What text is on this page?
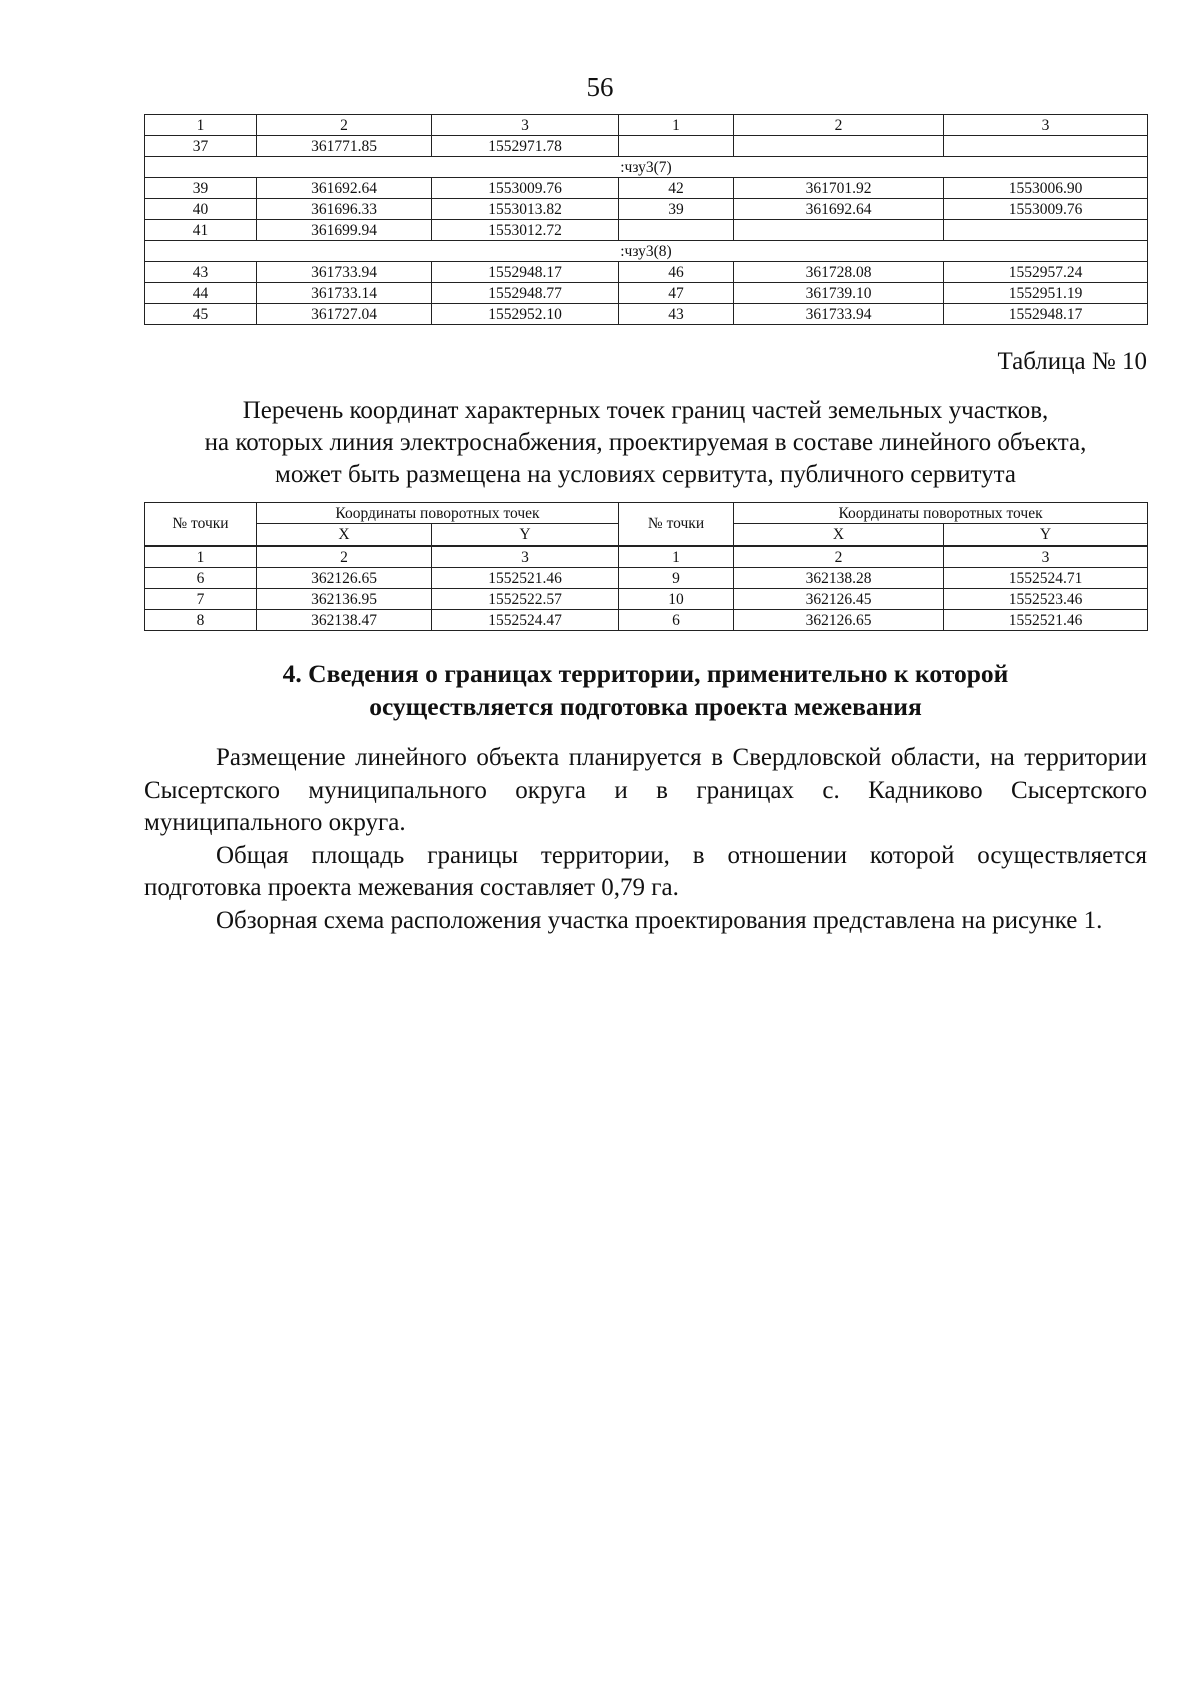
56
1	2	3	1	2	3
37	361771.85	1552971.78			
:чзу3(7)					
39	361692.64	1553009.76	42	361701.92	1553006.90
40	361696.33	1553013.82	39	361692.64	1553009.76
41	361699.94	1553012.72			
:чзу3(8)					
43	361733.94	1552948.17	46	361728.08	1552957.24
44	361733.14	1552948.77	47	361739.10	1552951.19
45	361727.04	1552952.10	43	361733.94	1552948.17
Таблица № 10
Перечень координат характерных точек границ частей земельных участков,
на которых линия электроснабжения, проектируемая в составе линейного объекта,
может быть размещена на условиях сервитута, публичного сервитута
№ точки	Координаты поворотных точек		№ точки	Координаты поворотных точек	
	X	Y		X	Y
1	2	3	1	2	3
6	362126.65	1552521.46	9	362138.28	1552524.71
7	362136.95	1552522.57	10	362126.45	1552523.46
8	362138.47	1552524.47	6	362126.65	1552521.46
4. Сведения о границах территории, применительно к которой
осуществляется подготовка проекта межевания

Размещение линейного объекта планируется в Свердловской области, на территории Сысертского муниципального округа и в границах с. Кадниково Сысертского муниципального округа.

Общая площадь границы территории, в отношении которой осуществляется подготовка проекта межевания составляет 0,79 га.

Обзорная схема расположения участка проектирования представлена на рисунке 1.
